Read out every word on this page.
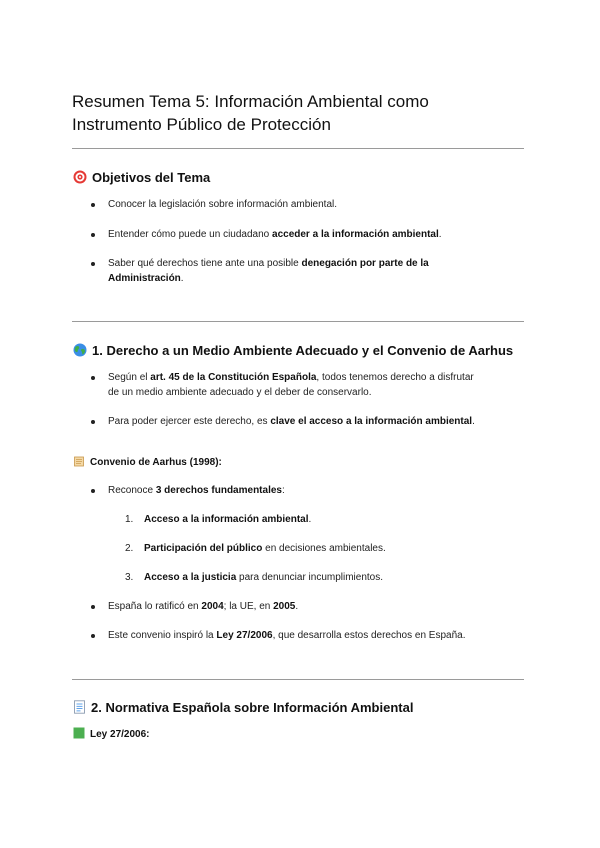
Resumen Tema 5: Información Ambiental como
Instrumento Público de Protección
Objetivos del Tema
Conocer la legislación sobre información ambiental.
Entender cómo puede un ciudadano acceder a la información ambiental.
Saber qué derechos tiene ante una posible denegación por parte de la
Administración.
1. Derecho a un Medio Ambiente Adecuado y el Convenio de Aarhus
Según el art. 45 de la Constitución Española, todos tenemos derecho a disfrutar
de un medio ambiente adecuado y el deber de conservarlo.
Para poder ejercer este derecho, es clave el acceso a la información ambiental.
Convenio de Aarhus (1998):
Reconoce 3 derechos fundamentales:
1. Acceso a la información ambiental.
2. Participación del público en decisiones ambientales.
3. Acceso a la justicia para denunciar incumplimientos.
España lo ratificó en 2004; la UE, en 2005.
Este convenio inspiró la Ley 27/2006, que desarrolla estos derechos en España.
2. Normativa Española sobre Información Ambiental
Ley 27/2006:
